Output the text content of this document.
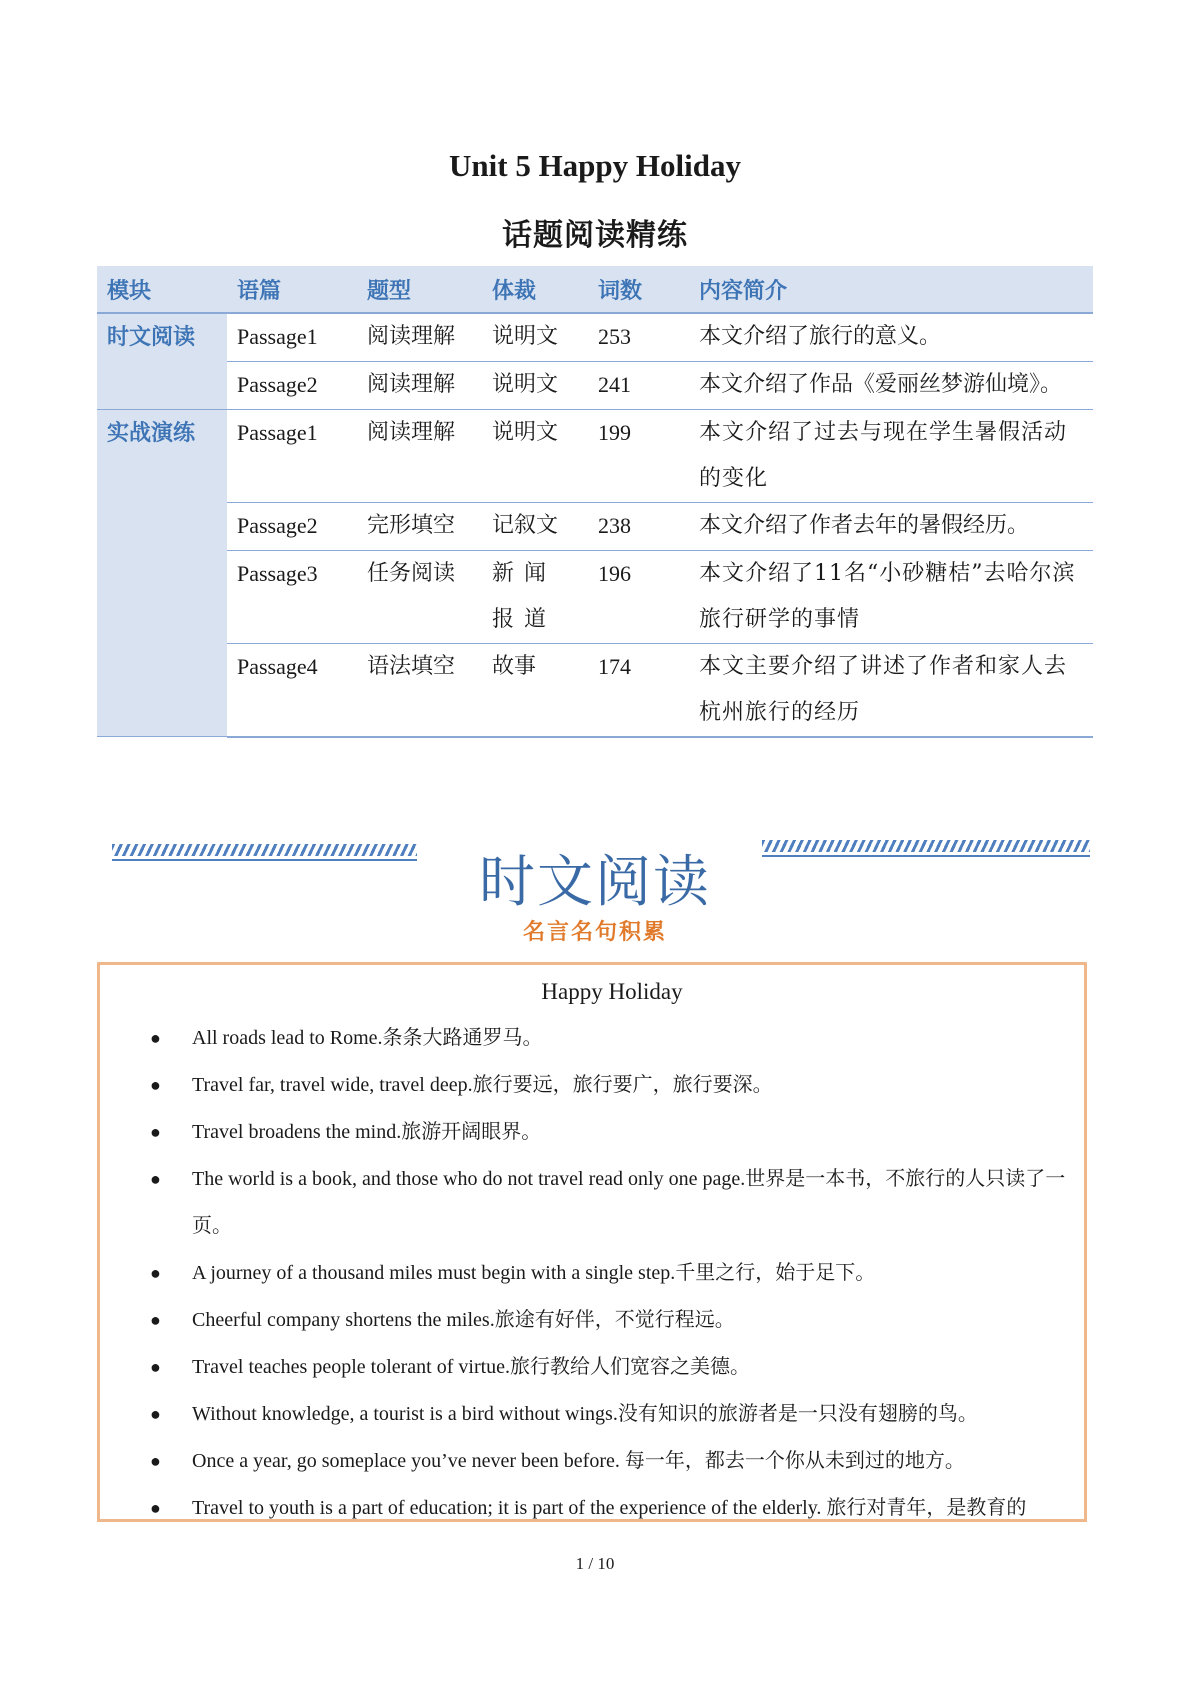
Unit 5 Happy Holiday
话题阅读精练
模块	语篇	题型	体裁	词数	内容简介
时文阅读	Passage1	阅读理解	说明文	253	本文介绍了旅行的意义。
	Passage2	阅读理解	说明文	241	本文介绍了作品《爱丽丝梦游仙境》。
实战演练	Passage1	阅读理解	说明文	199	本文介绍了过去与现在学生暑假活动的变化
	Passage2	完形填空	记叙文	238	本文介绍了作者去年的暑假经历。
	Passage3	任务阅读	新闻报道	196	本文介绍了11名“小砂糖桔”去哈尔滨旅行研学的事情
	Passage4	语法填空	故事	174	本文主要介绍了讲述了作者和家人去杭州旅行的经历
时文阅读
名言名句积累
Happy Holiday
● All roads lead to Rome.条条大路通罗马。
● Travel far, travel wide, travel deep.旅行要远，旅行要广，旅行要深。
● Travel broadens the mind.旅游开阔眼界。
● The world is a book, and those who do not travel read only one page.世界是一本书，不旅行的人只读了一页。
● A journey of a thousand miles must begin with a single step.千里之行，始于足下。
● Cheerful company shortens the miles.旅途有好伴，不觉行程远。
● Travel teaches people tolerant of virtue.旅行教给人们宽容之美德。
● Without knowledge, a tourist is a bird without wings.没有知识的旅游者是一只没有翅膀的鸟。
● Once a year, go someplace you’ve never been before. 每一年，都去一个你从未到过的地方。
● Travel to youth is a part of education; it is part of the experience of the elderly. 旅行对青年，是教育的
1 / 10
